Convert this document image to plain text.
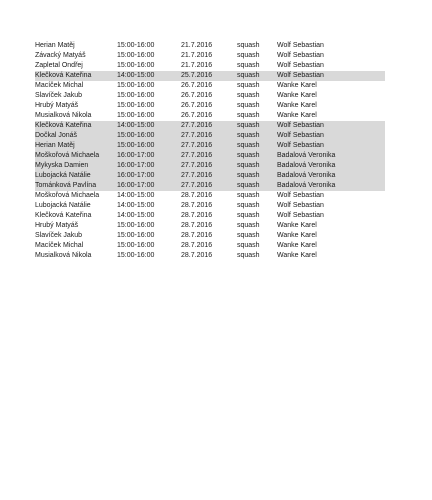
Herian Matěj	15:00-16:00	21.7.2016	squash	Wolf Sebastian
Závacký Matyáš	15:00-16:00	21.7.2016	squash	Wolf Sebastian
Zapletal Ondřej	15:00-16:00	21.7.2016	squash	Wolf Sebastian
Klečková Kateřina	14:00-15:00	25.7.2016	squash	Wolf Sebastian
Macíček Michal	15:00-16:00	26.7.2016	squash	Wanke Karel
Slavíček Jakub	15:00-16:00	26.7.2016	squash	Wanke Karel
Hrubý Matyáš	15:00-16:00	26.7.2016	squash	Wanke Karel
Musialková Nikola	15:00-16:00	26.7.2016	squash	Wanke Karel
Klečková Kateřina	14:00-15:00	27.7.2016	squash	Wolf Sebastian
Dočkal Jonáš	15:00-16:00	27.7.2016	squash	Wolf Sebastian
Herian Matěj	15:00-16:00	27.7.2016	squash	Wolf Sebastian
Moškořová Michaela	16:00-17:00	27.7.2016	squash	Badalová Veronika
Mykyska Damien	16:00-17:00	27.7.2016	squash	Badalová Veronika
Lubojacká Natálie	16:00-17:00	27.7.2016	squash	Badalová Veronika
Tománková Pavlína	16:00-17:00	27.7.2016	squash	Badalová Veronika
Moškořová Michaela	14:00-15:00	28.7.2016	squash	Wolf Sebastian
Lubojacká Natálie	14:00-15:00	28.7.2016	squash	Wolf Sebastian
Klečková Kateřina	14:00-15:00	28.7.2016	squash	Wolf Sebastian
Hrubý Matyáš	15:00-16:00	28.7.2016	squash	Wanke Karel
Slavíček Jakub	15:00-16:00	28.7.2016	squash	Wanke Karel
Macíček Michal	15:00-16:00	28.7.2016	squash	Wanke Karel
Musialková Nikola	15:00-16:00	28.7.2016	squash	Wanke Karel
